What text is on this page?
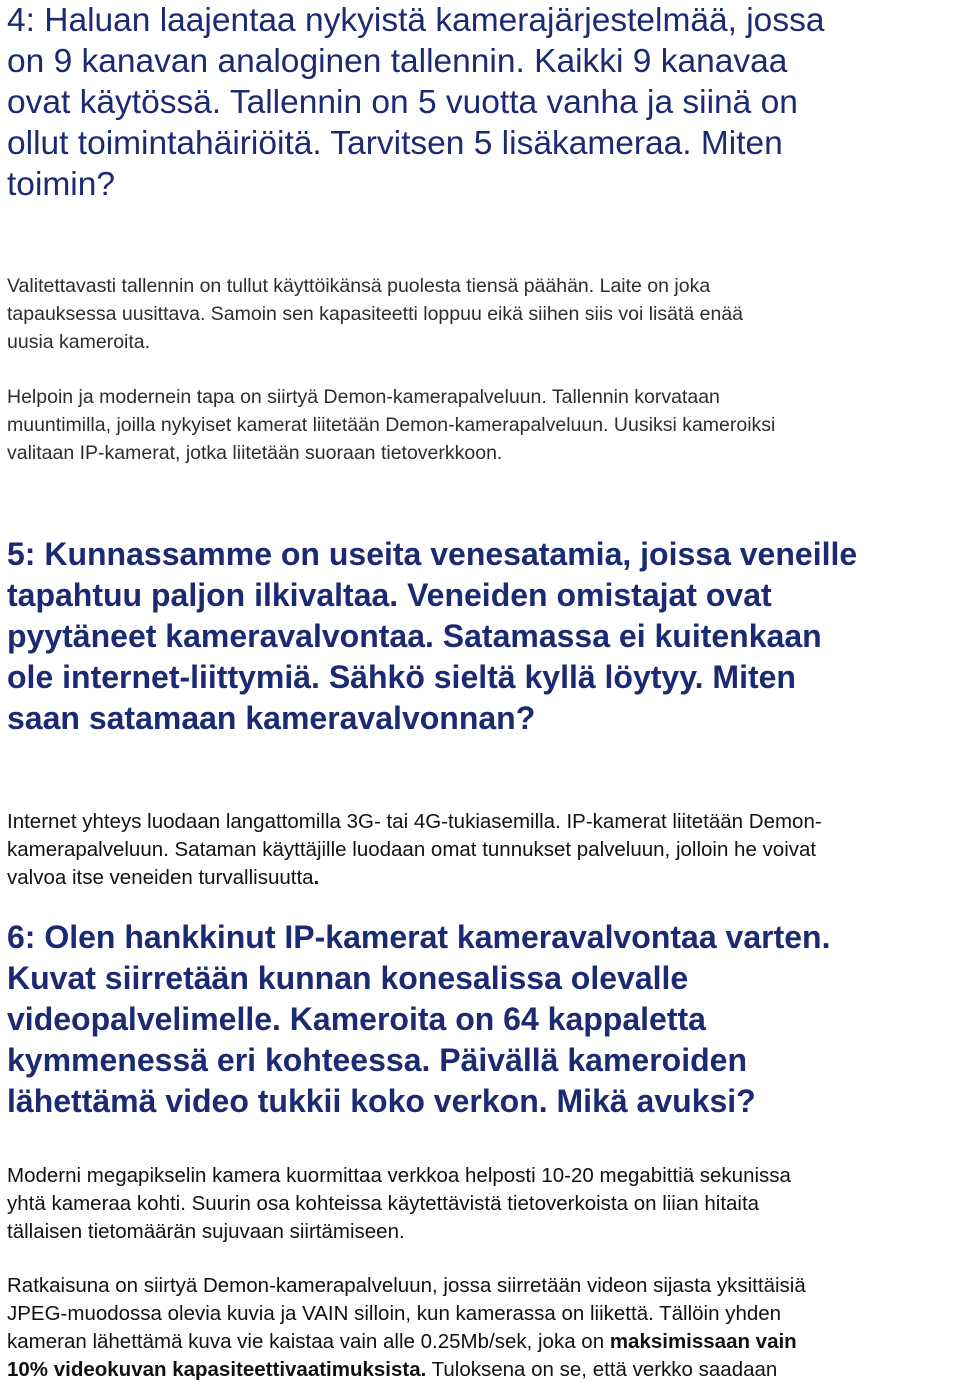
4: Haluan laajentaa nykyistä kamerajärjestelmää, jossa
on 9 kanavan analoginen tallennin. Kaikki 9 kanavaa
ovat käytössä. Tallennin on 5 vuotta vanha ja siinä on
ollut toimintahäiriöitä. Tarvitsen 5 lisäkameraa. Miten
toimin?

Valitettavasti tallennin on tullut käyttöikänsä puolesta tiensä päähän. Laite on joka
tapauksessa uusittava. Samoin sen kapasiteetti loppuu eikä siihen siis voi lisätä enää
uusia kameroita.

Helpoin ja modernein tapa on siirtyä Demon-kamerapalveluun. Tallennin korvataan
muuntimilla, joilla nykyiset kamerat liitetään Demon-kamerapalveluun. Uusiksi kameroiksi
valitaan IP-kamerat, jotka liitetään suoraan tietoverkkoon.

5: Kunnassamme on useita venesatamia, joissa veneille
tapahtuu paljon ilkivaltaa. Veneiden omistajat ovat
pyytäneet kameravalvontaa. Satamassa ei kuitenkaan
ole internet-liittymiä. Sähkö sieltä kyllä löytyy. Miten
saan satamaan kameravalvonnan?

Internet yhteys luodaan langattomilla 3G- tai 4G-tukiasemilla. IP-kamerat liitetään Demon-
kamerapalveluun. Sataman käyttäjille luodaan omat tunnukset palveluun, jolloin he voivat
valvoa itse veneiden turvallisuutta.

6: Olen hankkinut IP-kamerat kameravalvontaa varten.
Kuvat siirretään kunnan konesalissa olevalle
videopalvelimelle. Kameroita on 64 kappaletta
kymmenessä eri kohteessa. Päivällä kameroiden
lähettämä video tukkii koko verkon. Mikä avuksi?

Moderni megapikselin kamera kuormittaa verkkoa helposti 10-20 megabittiä sekunissa
yhtä kameraa kohti. Suurin osa kohteissa käytettävistä tietoverkoista on liian hitaita
tällaisen tietomäärän sujuvaan siirtämiseen.

Ratkaisuna on siirtyä Demon-kamerapalveluun, jossa siirretään videon sijasta yksittäisiä
JPEG-muodossa olevia kuvia ja VAIN silloin, kun kamerassa on liikettä. Tällöin yhden
kameran lähettämä kuva vie kaistaa vain alle 0.25Mb/sek, joka on maksimissaan vain
10% videokuvan kapasiteettivaatimuksista. Tuloksena on se, että verkko saadaan
